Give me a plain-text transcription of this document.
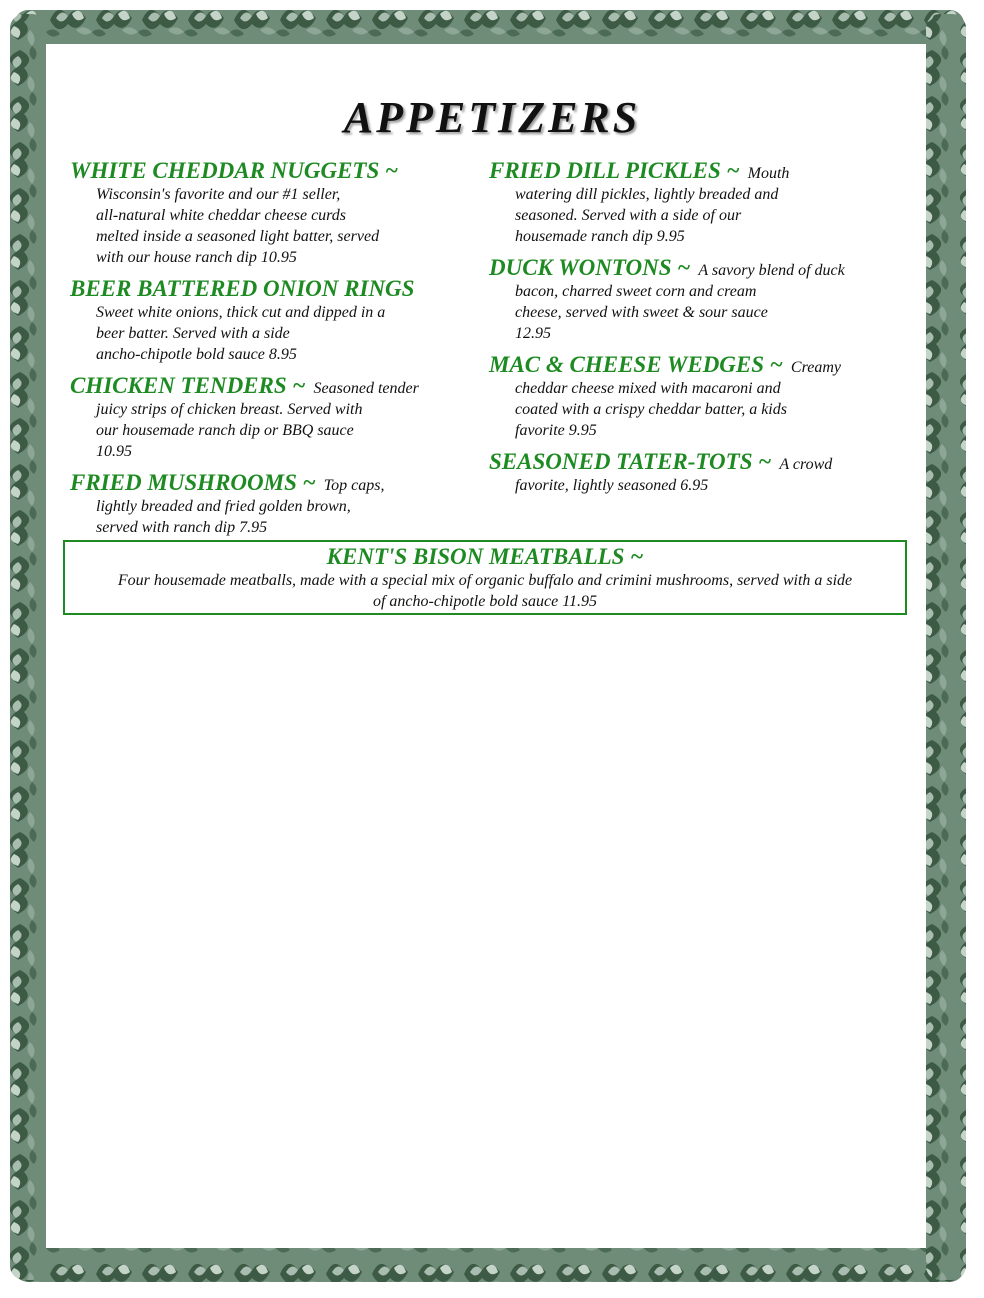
APPETIZERS
WHITE CHEDDAR NUGGETS ~
Wisconsin's favorite and our #1 seller,
all-natural white cheddar cheese curds
melted inside a seasoned light batter, served
with our house ranch dip 10.95
BEER BATTERED ONION RINGS
Sweet white onions, thick cut and dipped in a
beer batter. Served with a side
ancho-chipotle bold sauce 8.95
CHICKEN TENDERS ~ Seasoned tender
juicy strips of chicken breast. Served with
our housemade ranch dip or BBQ sauce
10.95
FRIED MUSHROOMS ~ Top caps,
lightly breaded and fried golden brown,
served with ranch dip 7.95
FRIED DILL PICKLES ~ Mouth
watering dill pickles, lightly breaded and
seasoned. Served with a side of our
housemade ranch dip 9.95
DUCK WONTONS ~ A savory blend of duck
bacon, charred sweet corn and cream
cheese, served with sweet & sour sauce
12.95
MAC & CHEESE WEDGES ~ Creamy
cheddar cheese mixed with macaroni and
coated with a crispy cheddar batter, a kids
favorite 9.95
SEASONED TATER-TOTS ~ A crowd
favorite, lightly seasoned 6.95
KENT'S BISON MEATBALLS ~
Four housemade meatballs, made with a special mix of organic buffalo and crimini mushrooms, served with a side
of ancho-chipotle bold sauce 11.95
